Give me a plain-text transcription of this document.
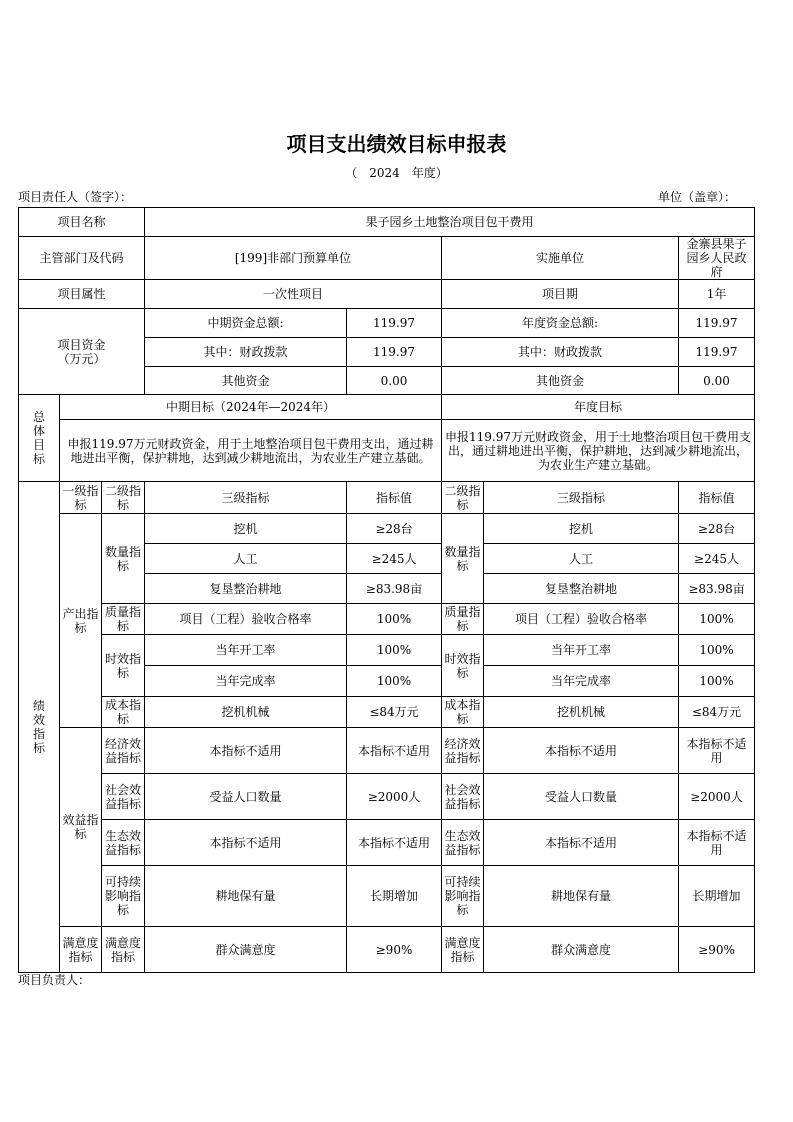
项目支出绩效目标申报表
（　2024　年度）
项目责任人（签字）：	单位（盖章）：
项目名称			果子园乡土地整治项目包干费用				
主管部门及代码			[199]非部门预算单位		实施单位		金寨县果子园乡人民政府
项目属性			一次性项目		项目期		1年
项目资金
（万元）			中期资金总额:	119.97	年度资金总额:		119.97
			其中：财政拨款	119.97	其中：财政拨款		119.97
			其他资金	0.00	其他资金		0.00
总体目标	中期目标（2024年—2024年）				年度目标		
	申报119.97万元财政资金，用于土地整治项目包干费用支出，通过耕地进出平衡，保护耕地，达到减少耕地流出，为农业生产建立基础。				申报119.97万元财政资金，用于土地整治项目包干费用支出，通过耕地进出平衡，保护耕地，达到减少耕地流出，为农业生产建立基础。		
绩效指标	一级指标	二级指标	三级指标	指标值	二级指标	三级指标	指标值
	产出指标	数量指标	挖机	≥28台	数量指标	挖机	≥28台
			人工	≥245人		人工	≥245人
			复垦整治耕地	≥83.98亩		复垦整治耕地	≥83.98亩
		质量指标	项目（工程）验收合格率	100%	质量指标	项目（工程）验收合格率	100%
		时效指标	当年开工率	100%	时效指标	当年开工率	100%
			当年完成率	100%		当年完成率	100%
		成本指标	挖机机械	≤84万元	成本指标	挖机机械	≤84万元
	效益指标	经济效益指标	本指标不适用	本指标不适用	经济效益指标	本指标不适用	本指标不适用
		社会效益指标	受益人口数量	≥2000人	社会效益指标	受益人口数量	≥2000人
		生态效益指标	本指标不适用	本指标不适用	生态效益指标	本指标不适用	本指标不适用
		可持续影响指标	耕地保有量	长期增加	可持续影响指标	耕地保有量	长期增加
	满意度指标	满意度指标	群众满意度	≥90%	满意度指标	群众满意度	≥90%
项目负责人：
